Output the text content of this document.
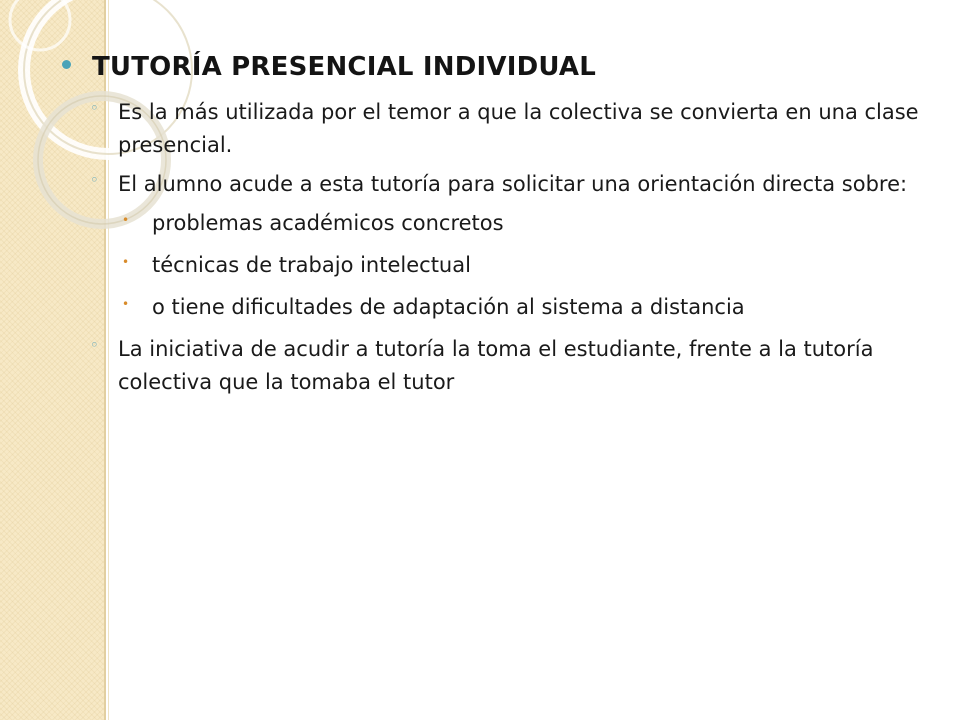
TUTORÍA PRESENCIAL INDIVIDUAL
◦ Es la más utilizada por el temor a que la colectiva se convierta en una clase presencial.
◦ El alumno acude a esta tutoría para solicitar una orientación directa sobre:
• problemas académicos concretos
• técnicas de trabajo intelectual
• o tiene dificultades de adaptación al sistema a distancia
◦ La iniciativa de acudir a tutoría la toma el estudiante, frente a la tutoría colectiva que la tomaba el tutor
